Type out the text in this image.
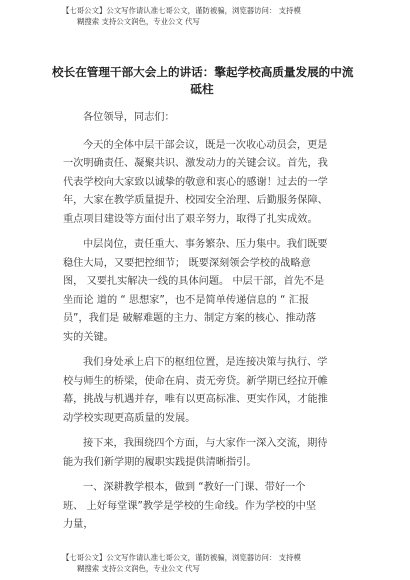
【七哥公文】公文写作请认准七哥公文，谨防被骗，浏览器访问： 支持模
糊搜索 支持公文润色，专业公文 代写
校长在管理干部大会上的讲话：擎起学校高质量发展的中流
砥柱
各位领导，同志们：
今天的全体中层干部会议，既是一次收心动员会，更是
一次明确责任、凝聚共识、激发动力的关键会议。首先，我
代表学校向大家致以诚挚的敬意和衷心的感谢！过去的一学
年，大家在教学质量提升、校园安全治理、后勤服务保障、
重点项目建设等方面付出了艰辛努力，取得了扎实成效。
中层岗位，责任重大、事务繁杂、压力集中。我们既要
稳住大局，又要把控细节； 既要深刻领会学校的战略意
图， 又要扎实解决一线的具体问题。 中层干部，首先不是
坐而论 道的 “ 思想家”，也不是简单传递信息的 “ 汇报
员”，我们是 破解难题的主力、制定方案的核心、推动落
实的关键。
我们身处承上启下的枢纽位置，是连接决策与执行、学
校与师生的桥梁，使命在肩、责无旁贷。新学期已经拉开帷
幕，挑战与机遇并存，唯有以更高标准、更实作风，才能推
动学校实现更高质量的发展。
接下来，我围绕四个方面，与大家作一深入交流，期待
能为我们新学期的履职实践提供清晰指引。
一、深耕教学根本，做到 “教好一门课、带好一个
班、 上好每堂课”教学是学校的生命线。作为学校的中坚
力量，
【七哥公文】公文写作请认准七哥公文，谨防被骗，浏览器访问： 支持模
糊搜索 支持公文润色，专业公文 代写
